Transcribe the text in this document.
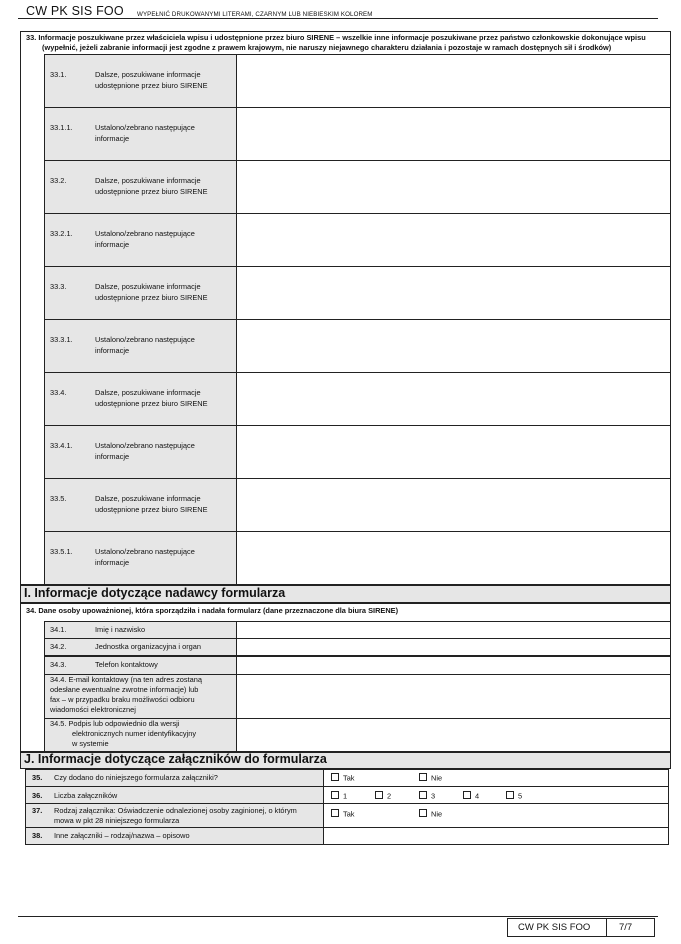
CW PK SIS FOO WYPEŁNIĆ DRUKOWANYMI LITERAMI, CZARNYM LUB NIEBIESKIM KOLOREM
33. Informacje poszukiwane przez właściciela wpisu i udostępnione przez biuro SIRENE – wszelkie inne informacje poszukiwane przez państwo członkowskie dokonujące wpisu
(wypełnić, jeżeli zabranie informacji jest zgodne z prawem krajowym, nie naruszy niejawnego charakteru działania i pozostaje w ramach dostępnych sił i środków)
33.1.	Dalsze, poszukiwane informacje
udostępnione przez biuro SIRENE
33.1.1.	Ustalono/zebrano następujące
informacje
33.2.	Dalsze, poszukiwane informacje
udostępnione przez biuro SIRENE
33.2.1.	Ustalono/zebrano następujące
informacje
33.3.	Dalsze, poszukiwane informacje
udostępnione przez biuro SIRENE
33.3.1.	Ustalono/zebrano następujące
informacje
33.4.	Dalsze, poszukiwane informacje
udostępnione przez biuro SIRENE
33.4.1.	Ustalono/zebrano następujące
informacje
33.5.	Dalsze, poszukiwane informacje
udostępnione przez biuro SIRENE
33.5.1.	Ustalono/zebrano następujące
informacje
I. Informacje dotyczące nadawcy formularza
34. Dane osoby upoważnionej, która sporządziła i nadała formularz (dane przeznaczone dla biura SIRENE)
34.1.	Imię i nazwisko
34.2.	Jednostka organizacyjna i organ
34.3.	Telefon kontaktowy
34.4. E-mail kontaktowy (na ten adres zostaną
odesłane ewentualne zwrotne informacje) lub
fax – w przypadku braku możliwości odbioru
wiadomości elektronicznej
34.5. Podpis lub odpowiednio dla wersji
elektronicznych numer identyfikacyjny
w systemie
J. Informacje dotyczące załączników do formularza
35. Czy dodano do niniejszego formularza załączniki?	Tak	Nie
36. Liczba załączników	1	2	3	4	5
37. Rodzaj załącznika: Oświadczenie odnalezionej osoby zaginionej, o którym
mowa w pkt 28 niniejszego formularza
Tak	Nie
38. Inne załączniki – rodzaj/nazwa – opisowo
CW PK SIS FOO	7/7
